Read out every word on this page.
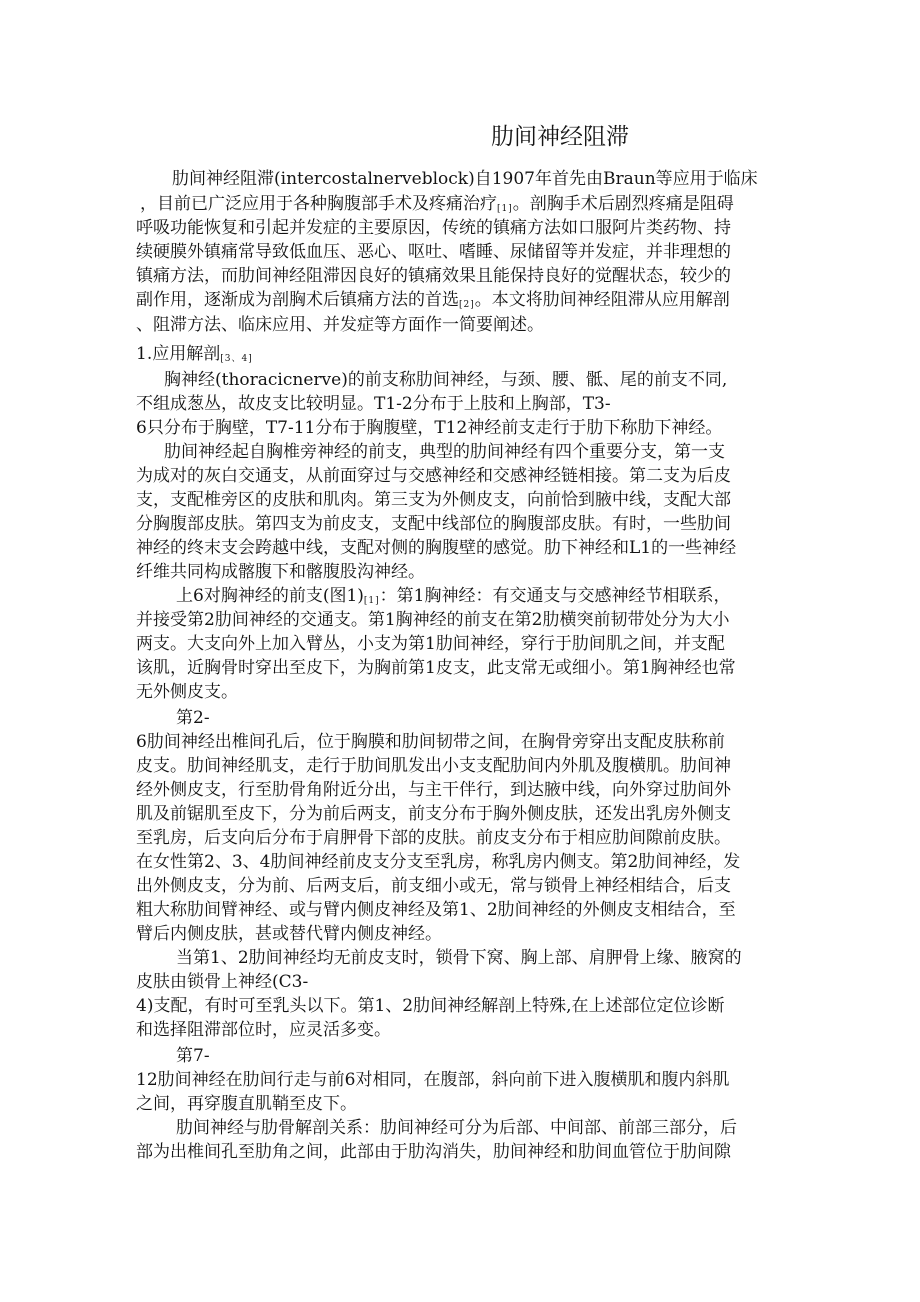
肋间神经阻滞
肋间神经阻滞(intercostalnerveblock)自1907年首先由Braun等应用于临床
，目前已广泛应用于各种胸腹部手术及疼痛治疗$_{[1]}$。剖胸手术后剧烈疼痛是阻碍
呼吸功能恢复和引起并发症的主要原因，传统的镇痛方法如口服阿片类药物、持
续硬膜外镇痛常导致低血压、恶心、呕吐、嗜睡、尿储留等并发症，并非理想的
镇痛方法，而肋间神经阻滞因良好的镇痛效果且能保持良好的觉醒状态，较少的
副作用，逐渐成为剖胸术后镇痛方法的首选$_{[2]}$。本文将肋间神经阻滞从应用解剖
、阻滞方法、临床应用、并发症等方面作一简要阐述。
1.应用解剖$_{[3、4]}$
胸神经(thoracicnerve)的前支称肋间神经，与颈、腰、骶、尾的前支不同,
不组成葱丛，故皮支比较明显。T1-2分布于上肢和上胸部，T3-
6只分布于胸壁，T7-11分布于胸腹壁，T12神经前支走行于肋下称肋下神经。
肋间神经起自胸椎旁神经的前支，典型的肋间神经有四个重要分支，第一支
为成对的灰白交通支，从前面穿过与交感神经和交感神经链相接。第二支为后皮
支，支配椎旁区的皮肤和肌肉。第三支为外侧皮支，向前恰到腋中线，支配大部
分胸腹部皮肤。第四支为前皮支，支配中线部位的胸腹部皮肤。有时，一些肋间
神经的终末支会跨越中线，支配对侧的胸腹壁的感觉。肋下神经和L1的一些神经
纤维共同构成髂腹下和髂腹股沟神经。
上6对胸神经的前支(图$1)_{[1]}$：第1胸神经：有交通支与交感神经节相联系，
并接受第2肋间神经的交通支。第1胸神经的前支在第2肋横突前韧带处分为大小
两支。大支向外上加入臂丛，小支为第1肋间神经，穿行于肋间肌之间，并支配
该肌，近胸骨时穿出至皮下，为胸前第1皮支，此支常无或细小。第1胸神经也常
无外侧皮支。
第2-
6肋间神经出椎间孔后，位于胸膜和肋间韧带之间，在胸骨旁穿出支配皮肤称前
皮支。肋间神经肌支，走行于肋间肌发出小支支配肋间内外肌及腹横肌。肋间神
经外侧皮支，行至肋骨角附近分出，与主干伴行，到达腋中线，向外穿过肋间外
肌及前锯肌至皮下，分为前后两支，前支分布于胸外侧皮肤，还发出乳房外侧支
至乳房，后支向后分布于肩胛骨下部的皮肤。前皮支分布于相应肋间隙前皮肤。
在女性第2、3、4肋间神经前皮支分支至乳房，称乳房内侧支。第2肋间神经，发
出外侧皮支，分为前、后两支后，前支细小或无，常与锁骨上神经相结合，后支
粗大称肋间臂神经、或与臂内侧皮神经及第1、2肋间神经的外侧皮支相结合，至
臂后内侧皮肤，甚或替代臂内侧皮神经。
当第1、2肋间神经均无前皮支时，锁骨下窝、胸上部、肩胛骨上缘、腋窝的
皮肤由锁骨上神经(C3-
4)支配，有时可至乳头以下。第1、2肋间神经解剖上特殊,在上述部位定位诊断
和选择阻滞部位时，应灵活多变。
第7-
12肋间神经在肋间行走与前6对相同，在腹部，斜向前下进入腹横肌和腹内斜肌
之间，再穿腹直肌鞘至皮下。
肋间神经与肋骨解剖关系：肋间神经可分为后部、中间部、前部三部分，后
部为出椎间孔至肋角之间，此部由于肋沟消失，肋间神经和肋间血管位于肋间隙
